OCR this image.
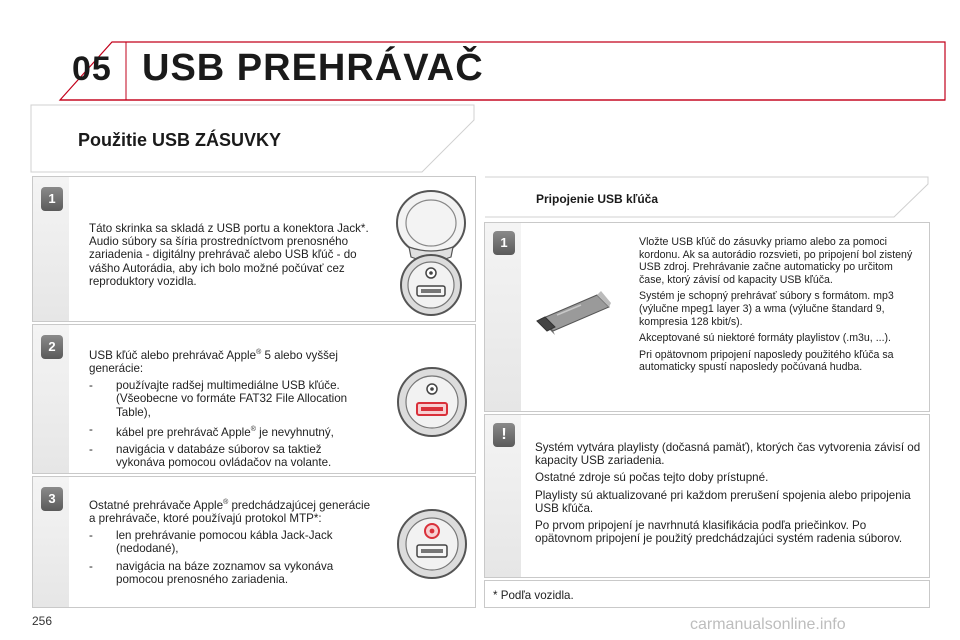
05 USB PREHRÁVAČ
Použitie USB ZÁSUVKY
1

Táto skrinka sa skladá z USB portu a konektora Jack*. Audio súbory sa šíria prostredníctvom prenosného zariadenia - digitálny prehrávač alebo USB kľúč - do vášho Autorádia, aby ich bolo možné počúvať cez reproduktory vozidla.

2

USB kľúč alebo prehrávač Apple® 5 alebo vyššej generácie:

- používajte radšej multimediálne USB kľúče. (Všeobecne vo formáte FAT32 File Allocation Table),
- kábel pre prehrávač Apple® je nevyhnutný,
- navigácia v databáze súborov sa taktiež vykonáva pomocou ovládačov na volante.
3	Ostatné prehrávače Apple® predchádzajúcej generácie a prehrávače, ktoré používajú protokol MTP*:

- len prehrávanie pomocou kábla Jack-Jack (nedodané),
- navigácia na báze zoznamov sa vykonáva pomocou prenosného zariadenia.
Pripojenie USB kľúča
1	Vložte USB kľúč do zásuvky priamo alebo za pomoci kordonu. Ak sa autorádio rozsvieti, po pripojení bol zistený USB zdroj. Prehrávanie začne automaticky po určitom čase, ktorý závisí od kapacity USB kľúča.

Systém je schopný prehrávať súbory s formátom. mp3 (výlučne mpeg1 layer 3) a wma (výlučne štandard 9, kompresia 128 kbit/s).

Akceptované sú niektoré formáty playlistov (.m3u, ...).

Pri opätovnom pripojení naposledy použitého kľúča sa automaticky spustí naposledy počúvaná hudba.

!

Systém vytvára playlisty (dočasná pamäť), ktorých čas vytvorenia závisí od kapacity USB zariadenia.

Ostatné zdroje sú počas tejto doby prístupné.

Playlisty sú aktualizované pri každom prerušení spojenia alebo pripojenia USB kľúča.

Po prvom pripojení je navrhnutá klasifikácia podľa priečinkov. Po opätovnom pripojení je použitý predchádzajúci systém radenia súborov.

* Podľa vozidla.
256	carmanualsonline.info
